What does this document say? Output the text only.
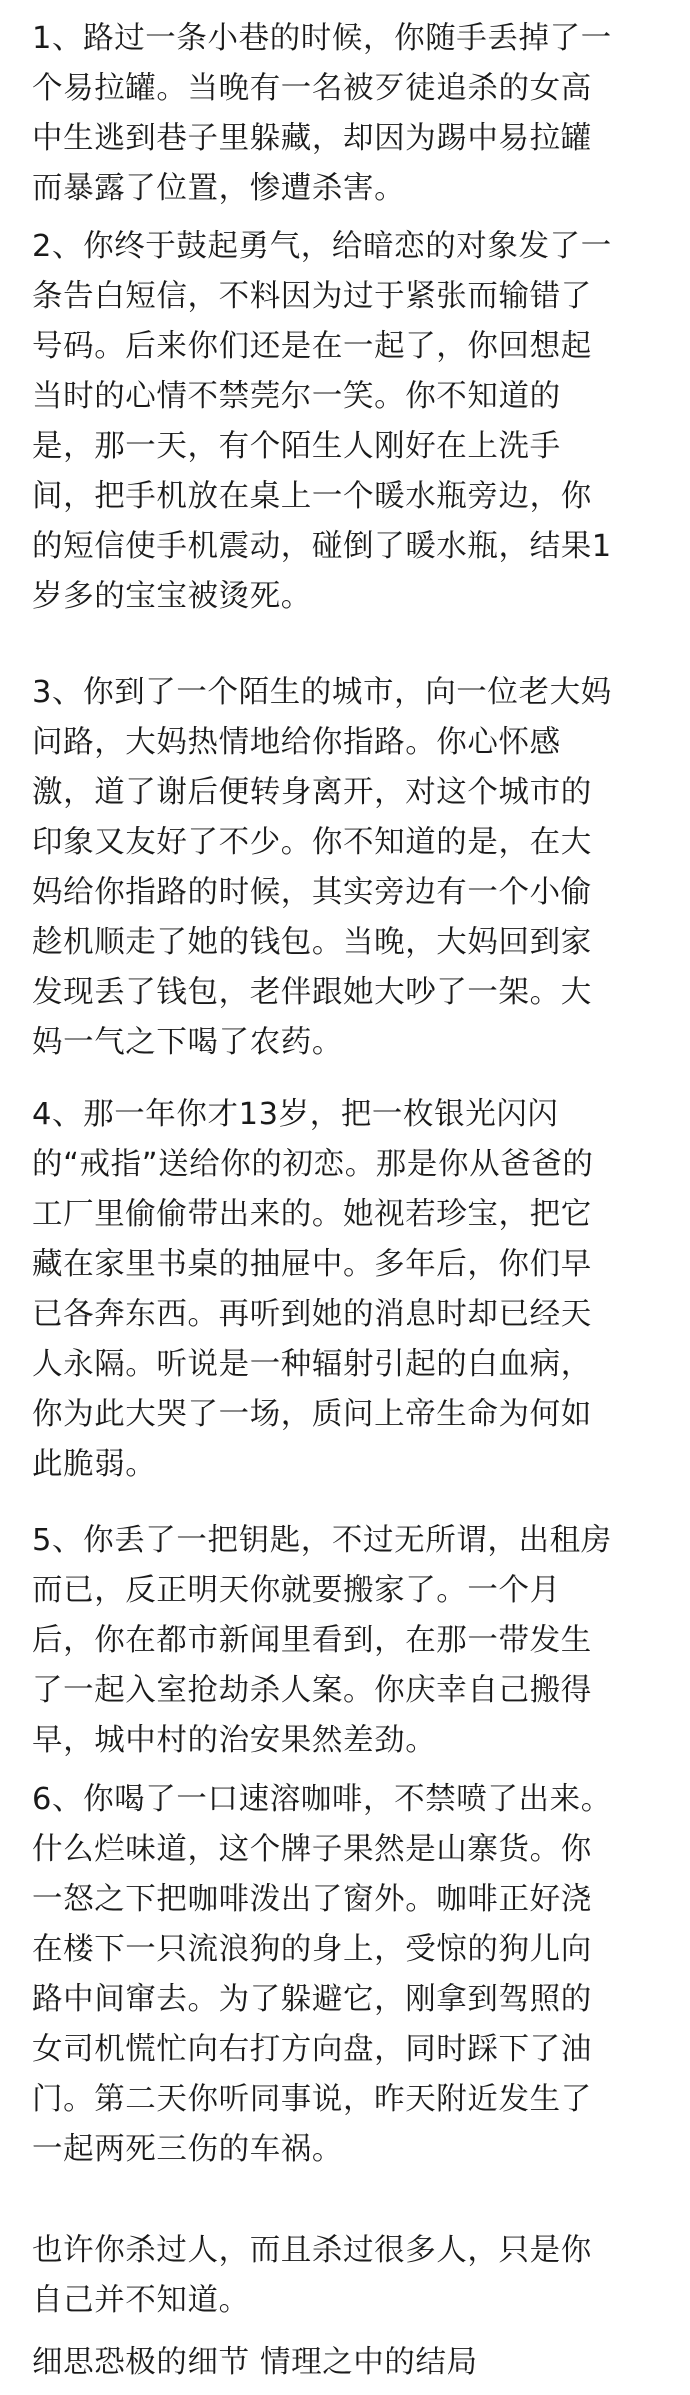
1、路过一条小巷的时候，你随手丢掉了一
个易拉罐。当晚有一名被歹徒追杀的女高
中生逃到巷子里躲藏，却因为踢中易拉罐
而暴露了位置，惨遭杀害。
2、你终于鼓起勇气，给暗恋的对象发了一
条告白短信，不料因为过于紧张而输错了
号码。后来你们还是在一起了，你回想起
当时的心情不禁莞尔一笑。你不知道的
是，那一天，有个陌生人刚好在上洗手
间，把手机放在桌上一个暖水瓶旁边，你
的短信使手机震动，碰倒了暖水瓶，结果1
岁多的宝宝被烫死。
3、你到了一个陌生的城市，向一位老大妈
问路，大妈热情地给你指路。你心怀感
激，道了谢后便转身离开，对这个城市的
印象又友好了不少。你不知道的是，在大
妈给你指路的时候，其实旁边有一个小偷
趁机顺走了她的钱包。当晚，大妈回到家
发现丢了钱包，老伴跟她大吵了一架。大
妈一气之下喝了农药。
4、那一年你才13岁，把一枚银光闪闪
的“戒指”送给你的初恋。那是你从爸爸的
工厂里偷偷带出来的。她视若珍宝，把它
藏在家里书桌的抽屉中。多年后，你们早
已各奔东西。再听到她的消息时却已经天
人永隔。听说是一种辐射引起的白血病，
你为此大哭了一场，质问上帝生命为何如
此脆弱。
5、你丢了一把钥匙，不过无所谓，出租房
而已，反正明天你就要搬家了。一个月
后，你在都市新闻里看到，在那一带发生
了一起入室抢劫杀人案。你庆幸自己搬得
早，城中村的治安果然差劲。
6、你喝了一口速溶咖啡，不禁喷了出来。
什么烂味道，这个牌子果然是山寨货。你
一怒之下把咖啡泼出了窗外。咖啡正好浇
在楼下一只流浪狗的身上，受惊的狗儿向
路中间窜去。为了躲避它，刚拿到驾照的
女司机慌忙向右打方向盘，同时踩下了油
门。第二天你听同事说，昨天附近发生了
一起两死三伤的车祸。
也许你杀过人，而且杀过很多人，只是你
自己并不知道。
细思恐极的细节 情理之中的结局
